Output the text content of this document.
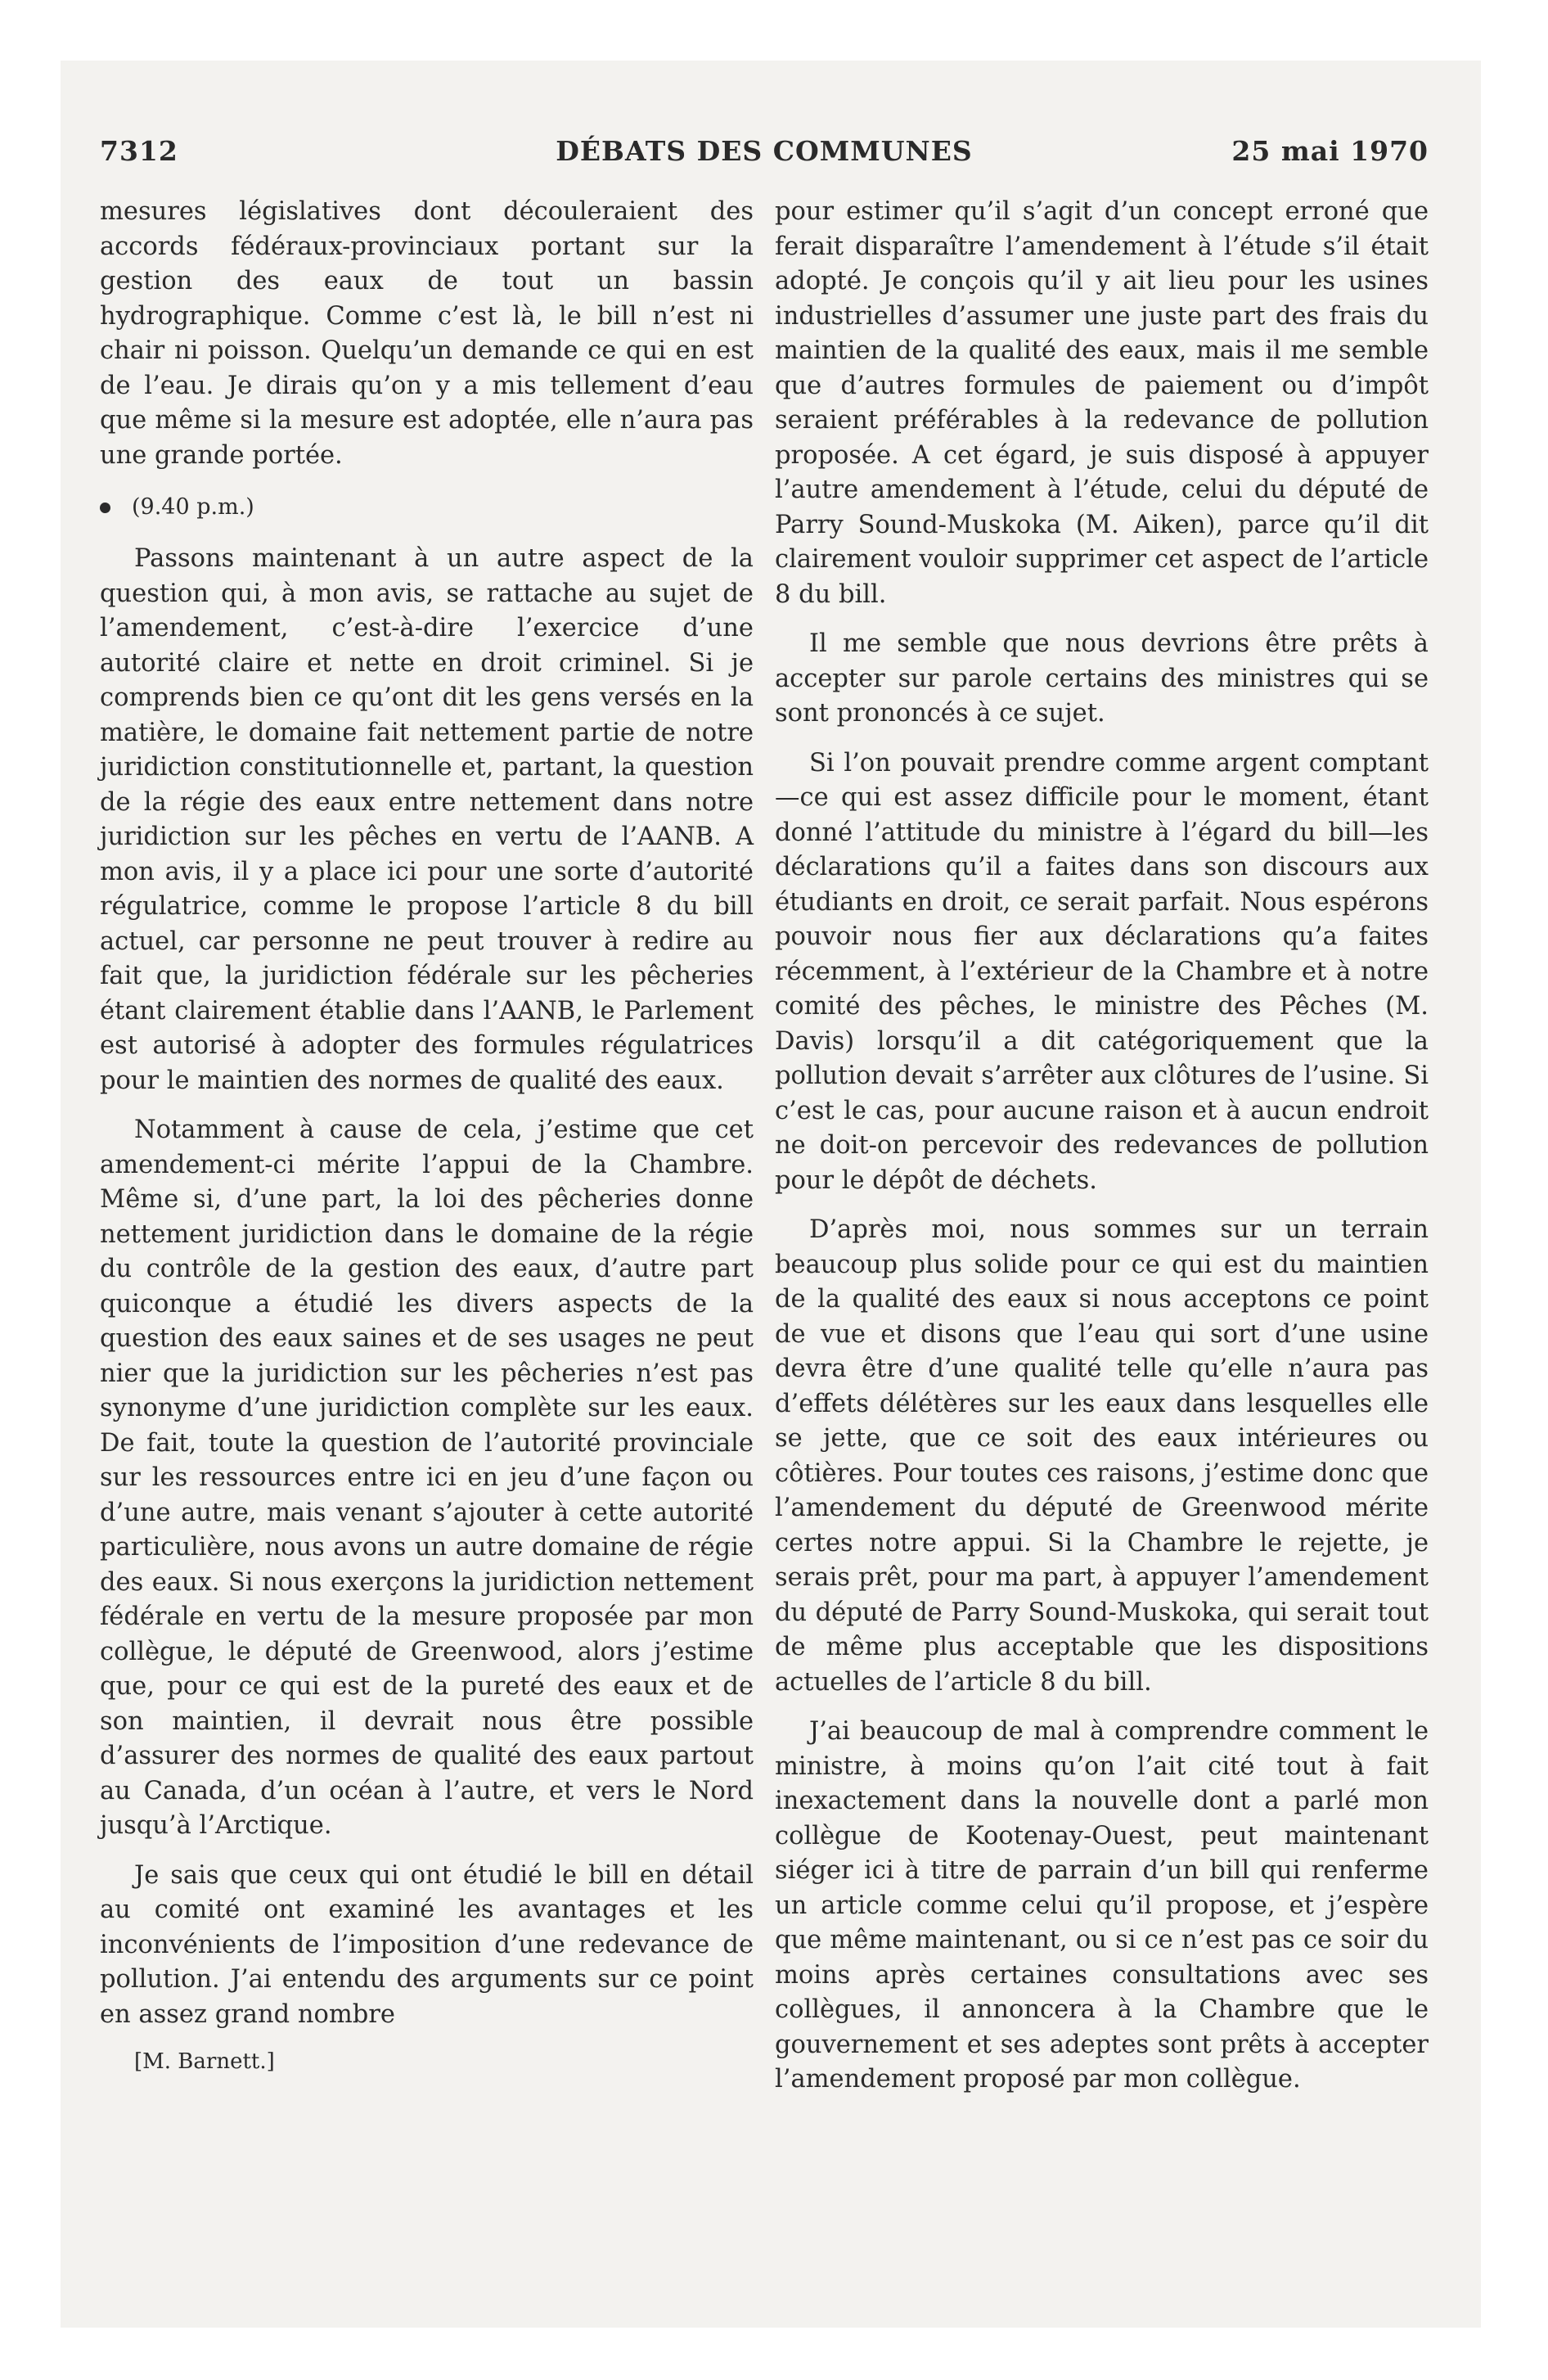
7312	DÉBATS DES COMMUNES	25 mai 1970

mesures législatives dont découleraient des accords fédéraux-provinciaux portant sur la gestion des eaux de tout un bassin hydrographique. Comme c’est là, le bill n’est ni chair ni poisson. Quelqu’un demande ce qui en est de l’eau. Je dirais qu’on y a mis tellement d’eau que même si la mesure est adoptée, elle n’aura pas une grande portée.

(9.40 p.m.)

Passons maintenant à un autre aspect de la question qui, à mon avis, se rattache au sujet de l’amendement, c’est-à-dire l’exercice d’une autorité claire et nette en droit criminel. Si je comprends bien ce qu’ont dit les gens versés en la matière, le domaine fait nettement partie de notre juridiction constitutionnelle et, partant, la question de la régie des eaux entre nettement dans notre juridiction sur les pêches en vertu de l’AANB. A mon avis, il y a place ici pour une sorte d’autorité régulatrice, comme le propose l’article 8 du bill actuel, car personne ne peut trouver à redire au fait que, la juridiction fédérale sur les pêcheries étant clairement établie dans l’AANB, le Parlement est autorisé à adopter des formules régulatrices pour le maintien des normes de qualité des eaux.

Notamment à cause de cela, j’estime que cet amendement-ci mérite l’appui de la Chambre. Même si, d’une part, la loi des pêcheries donne nettement juridiction dans le domaine de la régie du contrôle de la gestion des eaux, d’autre part quiconque a étudié les divers aspects de la question des eaux saines et de ses usages ne peut nier que la juridiction sur les pêcheries n’est pas synonyme d’une juridiction complète sur les eaux. De fait, toute la question de l’autorité provinciale sur les ressources entre ici en jeu d’une façon ou d’une autre, mais venant s’ajouter à cette autorité particulière, nous avons un autre domaine de régie des eaux. Si nous exerçons la juridiction nettement fédérale en vertu de la mesure proposée par mon collègue, le député de Greenwood, alors j’estime que, pour ce qui est de la pureté des eaux et de son maintien, il devrait nous être possible d’assurer des normes de qualité des eaux partout au Canada, d’un océan à l’autre, et vers le Nord jusqu’à l’Arctique.

Je sais que ceux qui ont étudié le bill en détail au comité ont examiné les avantages et les inconvénients de l’imposition d’une redevance de pollution. J’ai entendu des arguments sur ce point en assez grand nombre

[M. Barnett.]

pour estimer qu’il s’agit d’un concept erroné que ferait disparaître l’amendement à l’étude s’il était adopté. Je conçois qu’il y ait lieu pour les usines industrielles d’assumer une juste part des frais du maintien de la qualité des eaux, mais il me semble que d’autres formules de paiement ou d’impôt seraient préférables à la redevance de pollution proposée. A cet égard, je suis disposé à appuyer l’autre amendement à l’étude, celui du député de Parry Sound-Muskoka (M. Aiken), parce qu’il dit clairement vouloir supprimer cet aspect de l’article 8 du bill.

Il me semble que nous devrions être prêts à accepter sur parole certains des ministres qui se sont prononcés à ce sujet.

Si l’on pouvait prendre comme argent comptant—ce qui est assez difficile pour le moment, étant donné l’attitude du ministre à l’égard du bill—les déclarations qu’il a faites dans son discours aux étudiants en droit, ce serait parfait. Nous espérons pouvoir nous fier aux déclarations qu’a faites récemment, à l’extérieur de la Chambre et à notre comité des pêches, le ministre des Pêches (M. Davis) lorsqu’il a dit catégoriquement que la pollution devait s’arrêter aux clôtures de l’usine. Si c’est le cas, pour aucune raison et à aucun endroit ne doit-on percevoir des redevances de pollution pour le dépôt de déchets.

D’après moi, nous sommes sur un terrain beaucoup plus solide pour ce qui est du maintien de la qualité des eaux si nous acceptons ce point de vue et disons que l’eau qui sort d’une usine devra être d’une qualité telle qu’elle n’aura pas d’effets délétères sur les eaux dans lesquelles elle se jette, que ce soit des eaux intérieures ou côtières. Pour toutes ces raisons, j’estime donc que l’amendement du député de Greenwood mérite certes notre appui. Si la Chambre le rejette, je serais prêt, pour ma part, à appuyer l’amendement du député de Parry Sound-Muskoka, qui serait tout de même plus acceptable que les dispositions actuelles de l’article 8 du bill.

J’ai beaucoup de mal à comprendre comment le ministre, à moins qu’on l’ait cité tout à fait inexactement dans la nouvelle dont a parlé mon collègue de Kootenay-Ouest, peut maintenant siéger ici à titre de parrain d’un bill qui renferme un article comme celui qu’il propose, et j’espère que même maintenant, ou si ce n’est pas ce soir du moins après certaines consultations avec ses collègues, il annoncera à la Chambre que le gouvernement et ses adeptes sont prêts à accepter l’amendement proposé par mon collègue.
